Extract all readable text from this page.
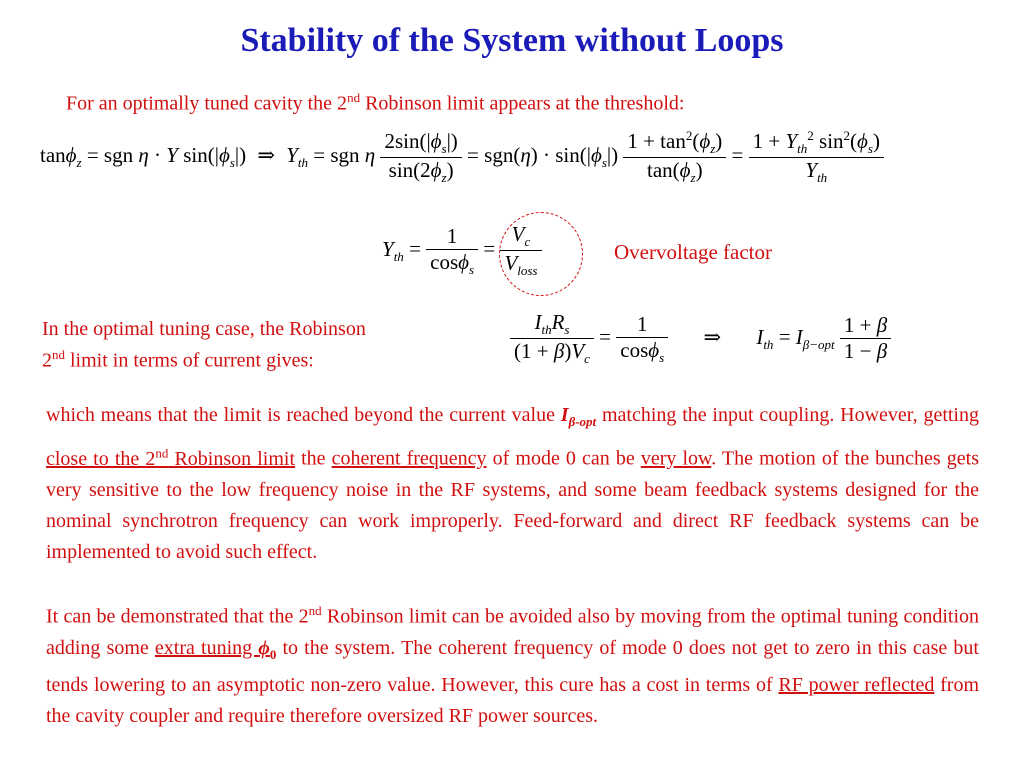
Stability of the System without Loops
For an optimally tuned cavity the 2nd Robinson limit appears at the threshold:
tanϕ$_z$ = sgn η · Y $\sin(|\phi_s|)$ ⇒ $Y_{th}$ = sgn η $\frac{2\sin(|\phi_s|)}{\sin(2\phi_z)} = sgn(\eta) \cdot \sin(|\phi_s|) \frac{1 + \tan^2(\phi_z)}{\tan(\phi_z)} = \frac{1 + Y_{th}^2 \sin^2(\phi_s)}{Y_{th}}$
$Y_{th} = \frac{1}{\cos\phi_s} = \frac{V_c}{V_{loss}}$	Overvoltage factor
In the optimal tuning case, the Robinson
2nd limit in terms of current gives:	$\frac{I_{th}R_s}{(1 + \beta)V_c} = \frac{1}{\cos\phi_s}$ ⇒ $I_{th} = I_{\beta-opt} \frac{1 + \beta}{1 - \beta}$
which means that the limit is reached beyond the current value $I_{\beta-opt}$ matching the input coupling. However, getting close to the 2nd Robinson limit the coherent frequency of mode 0 can be very low. The motion of the bunches gets very sensitive to the low frequency noise in the RF systems, and some beam feedback systems designed for the nominal synchrotron frequency can work improperly. Feed-forward and direct RF feedback systems can be implemented to avoid such effect.
It can be demonstrated that the 2nd Robinson limit can be avoided also by moving from the optimal tuning condition adding some extra tuning $\phi_0$ to the system. The coherent frequency of mode 0 does not get to zero in this case but tends lowering to an asymptotic non-zero value. However, this cure has a cost in terms of RF power reflected from the cavity coupler and require therefore oversized RF power sources.
